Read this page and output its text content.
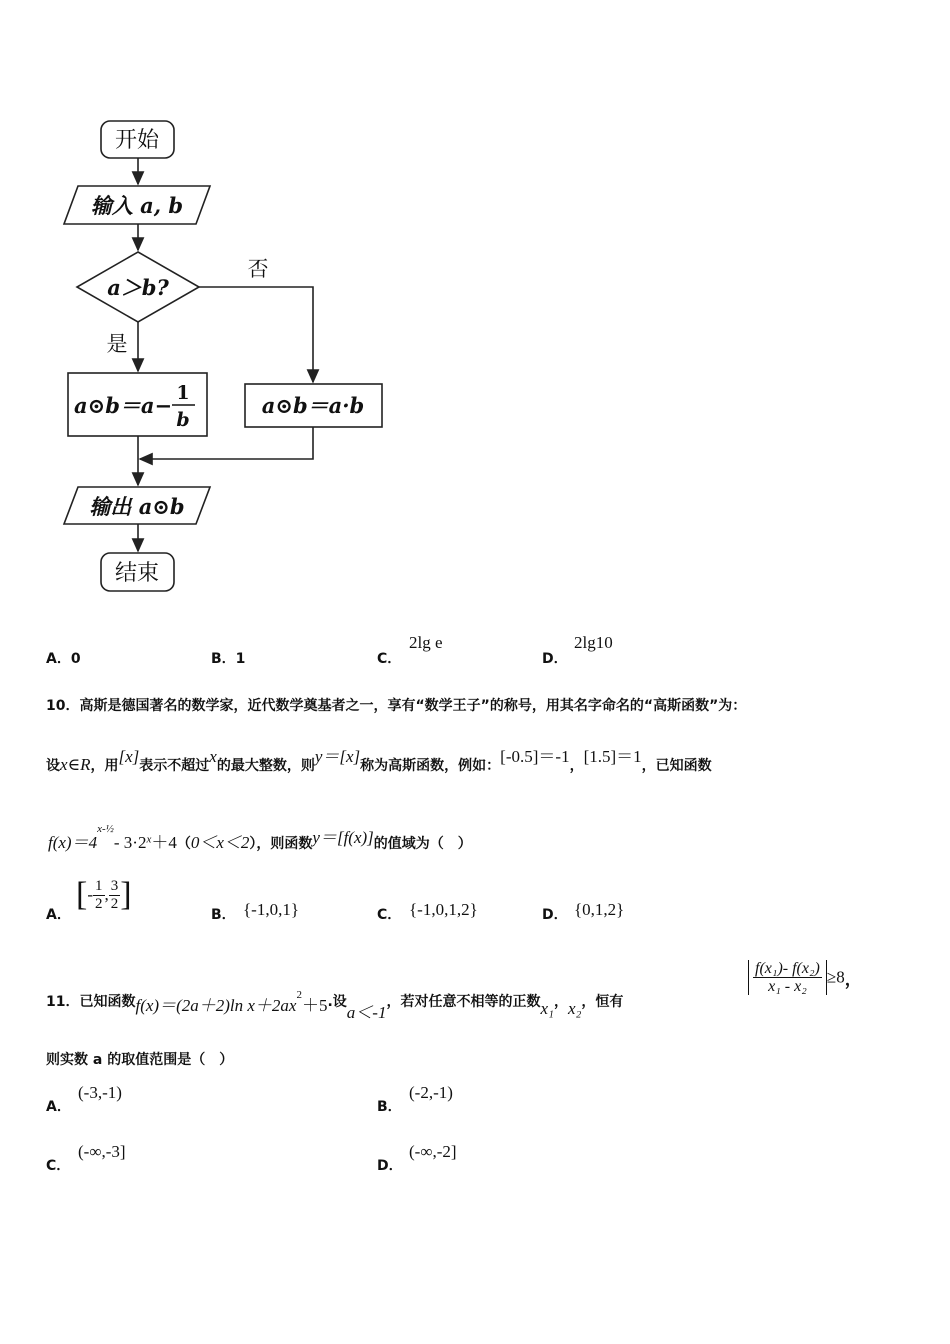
开始
输入 a, b
a＞b?
否
是
a⊙b＝a− 1
b
a⊙b＝a·b
输出 a⊙b
结束
A．0	B．1	C．
2lg e
D．
2lg10
10．高斯是德国著名的数学家，近代数学奠基者之一，享有“数学王子”的称号，用其名字命名的“高斯函数”为：
设x∈R，用[x]表示不超过x的最大整数，则y＝[x]称为高斯函数，例如：[-0.5]＝-1，[1.5]＝1，已知函数
$f(x)=4^{x-\frac{1}{2}}-$ $3\cdot 2^x+4(0<x<2)$，则函数y＝[f(x)]的值域为（　）
A．
[- $\frac{1}{2}$ , $\frac{3}{2}$ ]
B． {-1,0,1}	C． {-1,0,1,2}	D． {0,1,2}
11．已知函数f(x)＝(2a＋2)ln $x+2ax^2+5$.设a＜-1，若对任意不相等的正数x₁，x₂，恒有
$\frac{\text{f(x₁)- f(x₂)}}{\text{x₁ - x₂}} \ge 8$，
则实数 a 的取值范围是（　）
A．
(-3,-1)
B．
(-2,-1)
C．
(-∞,-3]
D．
(-∞,-2]
